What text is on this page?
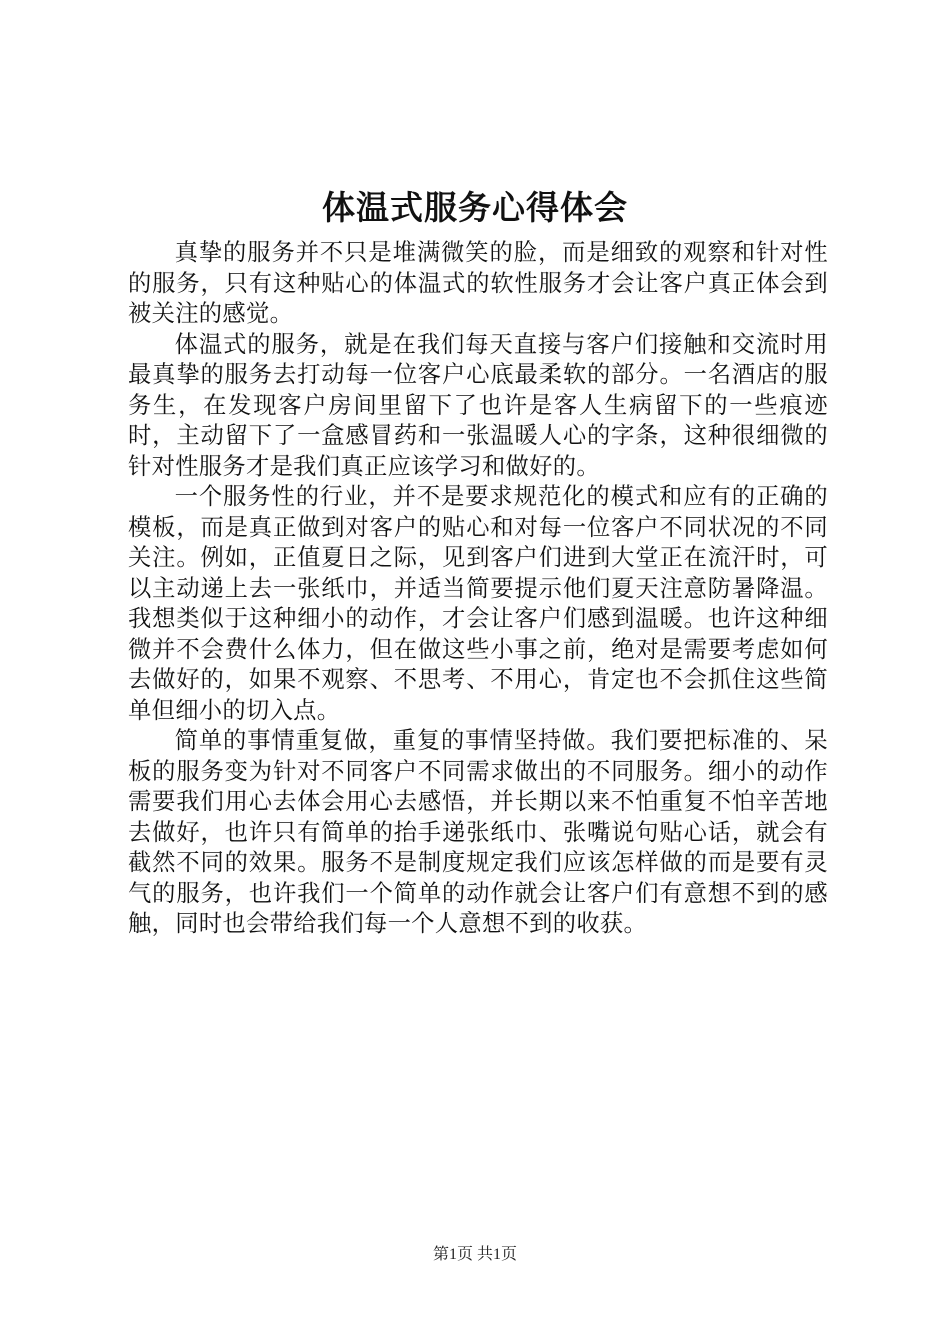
体温式服务心得体会

真挚的服务并不只是堆满微笑的脸，而是细致的观察和针对性的服务，只有这种贴心的体温式的软性服务才会让客户真正体会到被关注的感觉。

体温式的服务，就是在我们每天直接与客户们接触和交流时用最真挚的服务去打动每一位客户心底最柔软的部分。一名酒店的服务生，在发现客户房间里留下了也许是客人生病留下的一些痕迹时，主动留下了一盒感冒药和一张温暖人心的字条，这种很细微的针对性服务才是我们真正应该学习和做好的。

一个服务性的行业，并不是要求规范化的模式和应有的正确的模板，而是真正做到对客户的贴心和对每一位客户不同状况的不同关注。例如，正值夏日之际，见到客户们进到大堂正在流汗时，可以主动递上去一张纸巾，并适当简要提示他们夏天注意防暑降温。我想类似于这种细小的动作，才会让客户们感到温暖。也许这种细微并不会费什么体力，但在做这些小事之前，绝对是需要考虑如何去做好的，如果不观察、不思考、不用心，肯定也不会抓住这些简单但细小的切入点。

简单的事情重复做，重复的事情坚持做。我们要把标准的、呆板的服务变为针对不同客户不同需求做出的不同服务。细小的动作需要我们用心去体会用心去感悟，并长期以来不怕重复不怕辛苦地去做好，也许只有简单的抬手递张纸巾、张嘴说句贴心话，就会有截然不同的效果。服务不是制度规定我们应该怎样做的而是要有灵气的服务，也许我们一个简单的动作就会让客户们有意想不到的感触，同时也会带给我们每一个人意想不到的收获。

第1页 共1页
